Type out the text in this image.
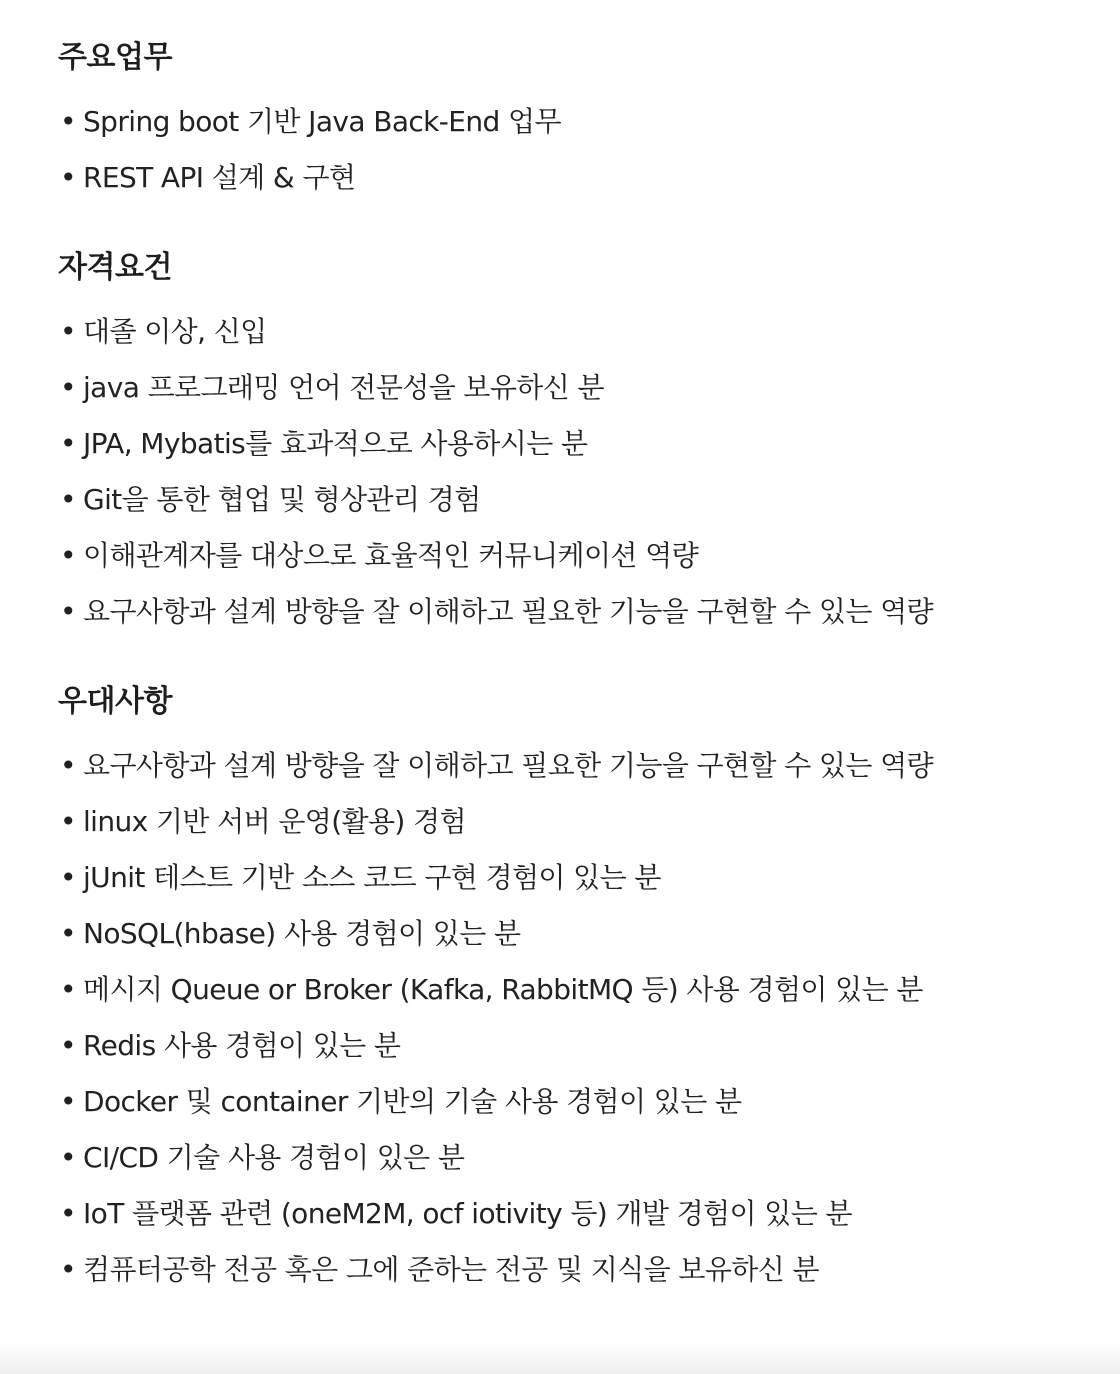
주요업무
• Spring boot 기반 Java Back-End 업무
• REST API 설계 & 구현
자격요건
• 대졸 이상, 신입
• java 프로그래밍 언어 전문성을 보유하신 분
• JPA, Mybatis를 효과적으로 사용하시는 분
• Git을 통한 협업 및 형상관리 경험
• 이해관계자를 대상으로 효율적인 커뮤니케이션 역량
• 요구사항과 설계 방향을 잘 이해하고 필요한 기능을 구현할 수 있는 역량
우대사항
• 요구사항과 설계 방향을 잘 이해하고 필요한 기능을 구현할 수 있는 역량
• linux 기반 서버 운영(활용) 경험
• jUnit 테스트 기반 소스 코드 구현 경험이 있는 분
• NoSQL(hbase) 사용 경험이 있는 분
• 메시지 Queue or Broker (Kafka, RabbitMQ 등) 사용 경험이 있는 분
• Redis 사용 경험이 있는 분
• Docker 및 container 기반의 기술 사용 경험이 있는 분
• CI/CD 기술 사용 경험이 있은 분
• IoT 플랫폼 관련 (oneM2M, ocf iotivity 등) 개발 경험이 있는 분
• 컴퓨터공학 전공 혹은 그에 준하는 전공 및 지식을 보유하신 분
